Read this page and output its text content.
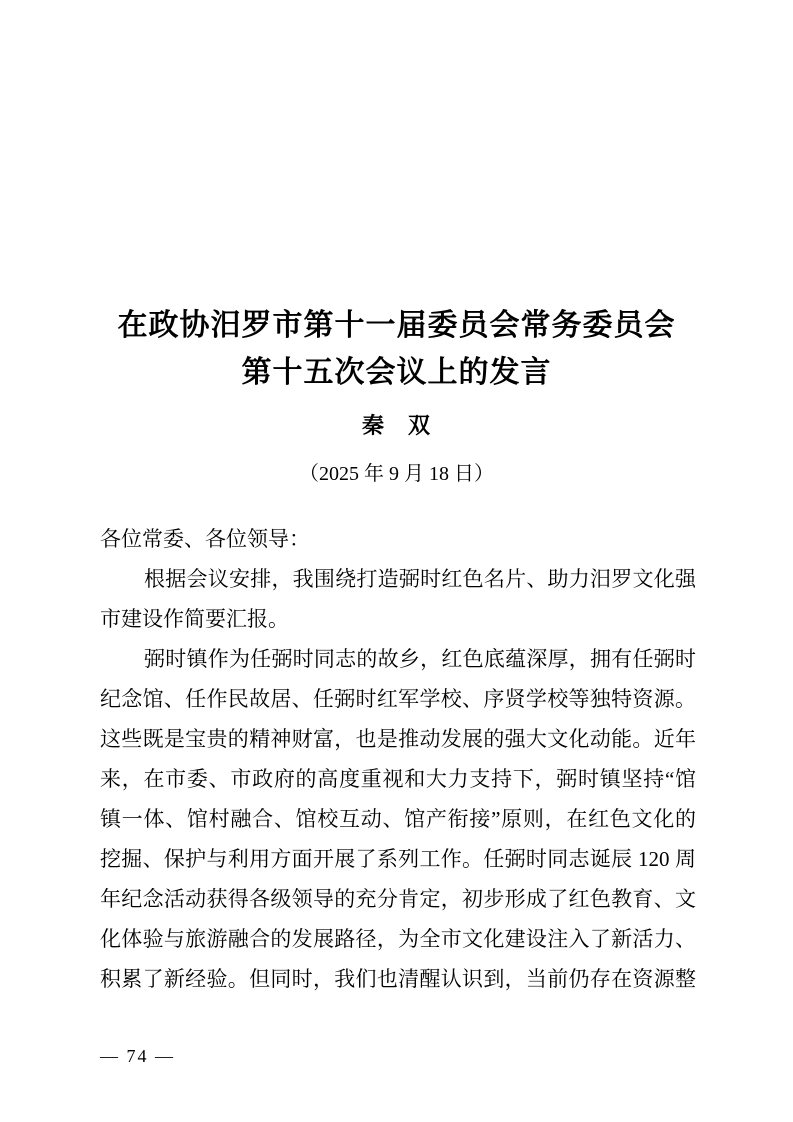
在政协汨罗市第十一届委员会常务委员会
第十五次会议上的发言
秦　双
（2025 年 9 月 18 日）
各位常委、各位领导：
根据会议安排，我围绕打造弼时红色名片、助力汨罗文化强
市建设作简要汇报。
弼时镇作为任弼时同志的故乡，红色底蕴深厚，拥有任弼时
纪念馆、任作民故居、任弼时红军学校、序贤学校等独特资源。
这些既是宝贵的精神财富，也是推动发展的强大文化动能。近年
来，在市委、市政府的高度重视和大力支持下，弼时镇坚持“馆
镇一体、馆村融合、馆校互动、馆产衔接”原则，在红色文化的
挖掘、保护与利用方面开展了系列工作。任弼时同志诞辰 120 周
年纪念活动获得各级领导的充分肯定，初步形成了红色教育、文
化体验与旅游融合的发展路径，为全市文化建设注入了新活力、
积累了新经验。但同时，我们也清醒认识到，当前仍存在资源整
— 74 —
